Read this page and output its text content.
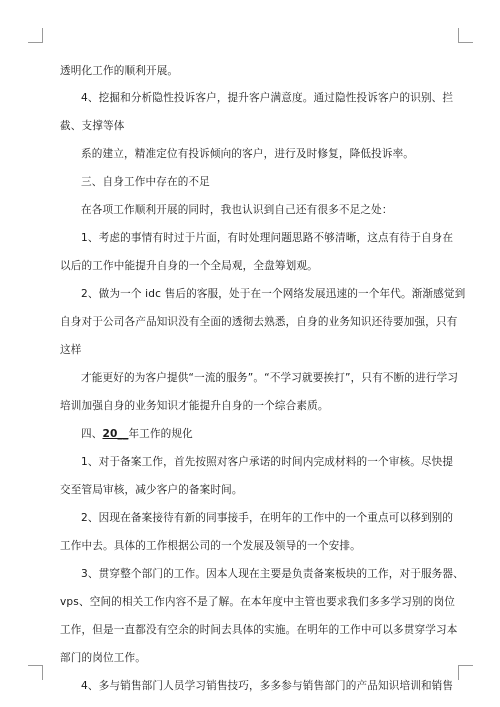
透明化工作的顺利开展。

4、挖掘和分析隐性投诉客户，提升客户满意度。通过隐性投诉客户的识别、拦

截、支撑等体

系的建立，精准定位有投诉倾向的客户，进行及时修复，降低投诉率。

三、自身工作中存在的不足

在各项工作顺利开展的同时，我也认识到自己还有很多不足之处：

1、考虑的事情有时过于片面，有时处理问题思路不够清晰，这点有待于自身在

以后的工作中能提升自身的一个全局观，全盘筹划观。

2、做为一个 idc 售后的客服，处于在一个网络发展迅速的一个年代。渐渐感觉到

自身对于公司各产品知识没有全面的透彻去熟悉，自身的业务知识还待要加强，只有

这样

才能更好的为客户提供“一流的服务”。“不学习就要挨打”，只有不断的进行学习

培训加强自身的业务知识才能提升自身的一个综合素质。

四、20__年工作的规化

1、对于备案工作，首先按照对客户承诺的时间内完成材料的一个审核。尽快提

交至管局审核，减少客户的备案时间。

2、因现在备案接待有新的同事接手，在明年的工作中的一个重点可以移到别的

工作中去。具体的工作根据公司的一个发展及领导的一个安排。

3、贯穿整个部门的工作。因本人现在主要是负责备案板块的工作，对于服务器、

vps、空间的相关工作内容不是了解。在本年度中主管也要求我们多多学习别的岗位

工作，但是一直都没有空余的时间去具体的实施。在明年的工作中可以多贯穿学习本

部门的岗位工作。

4、多与销售部门人员学习销售技巧，多多参与销售部门的产品知识培训和销售
